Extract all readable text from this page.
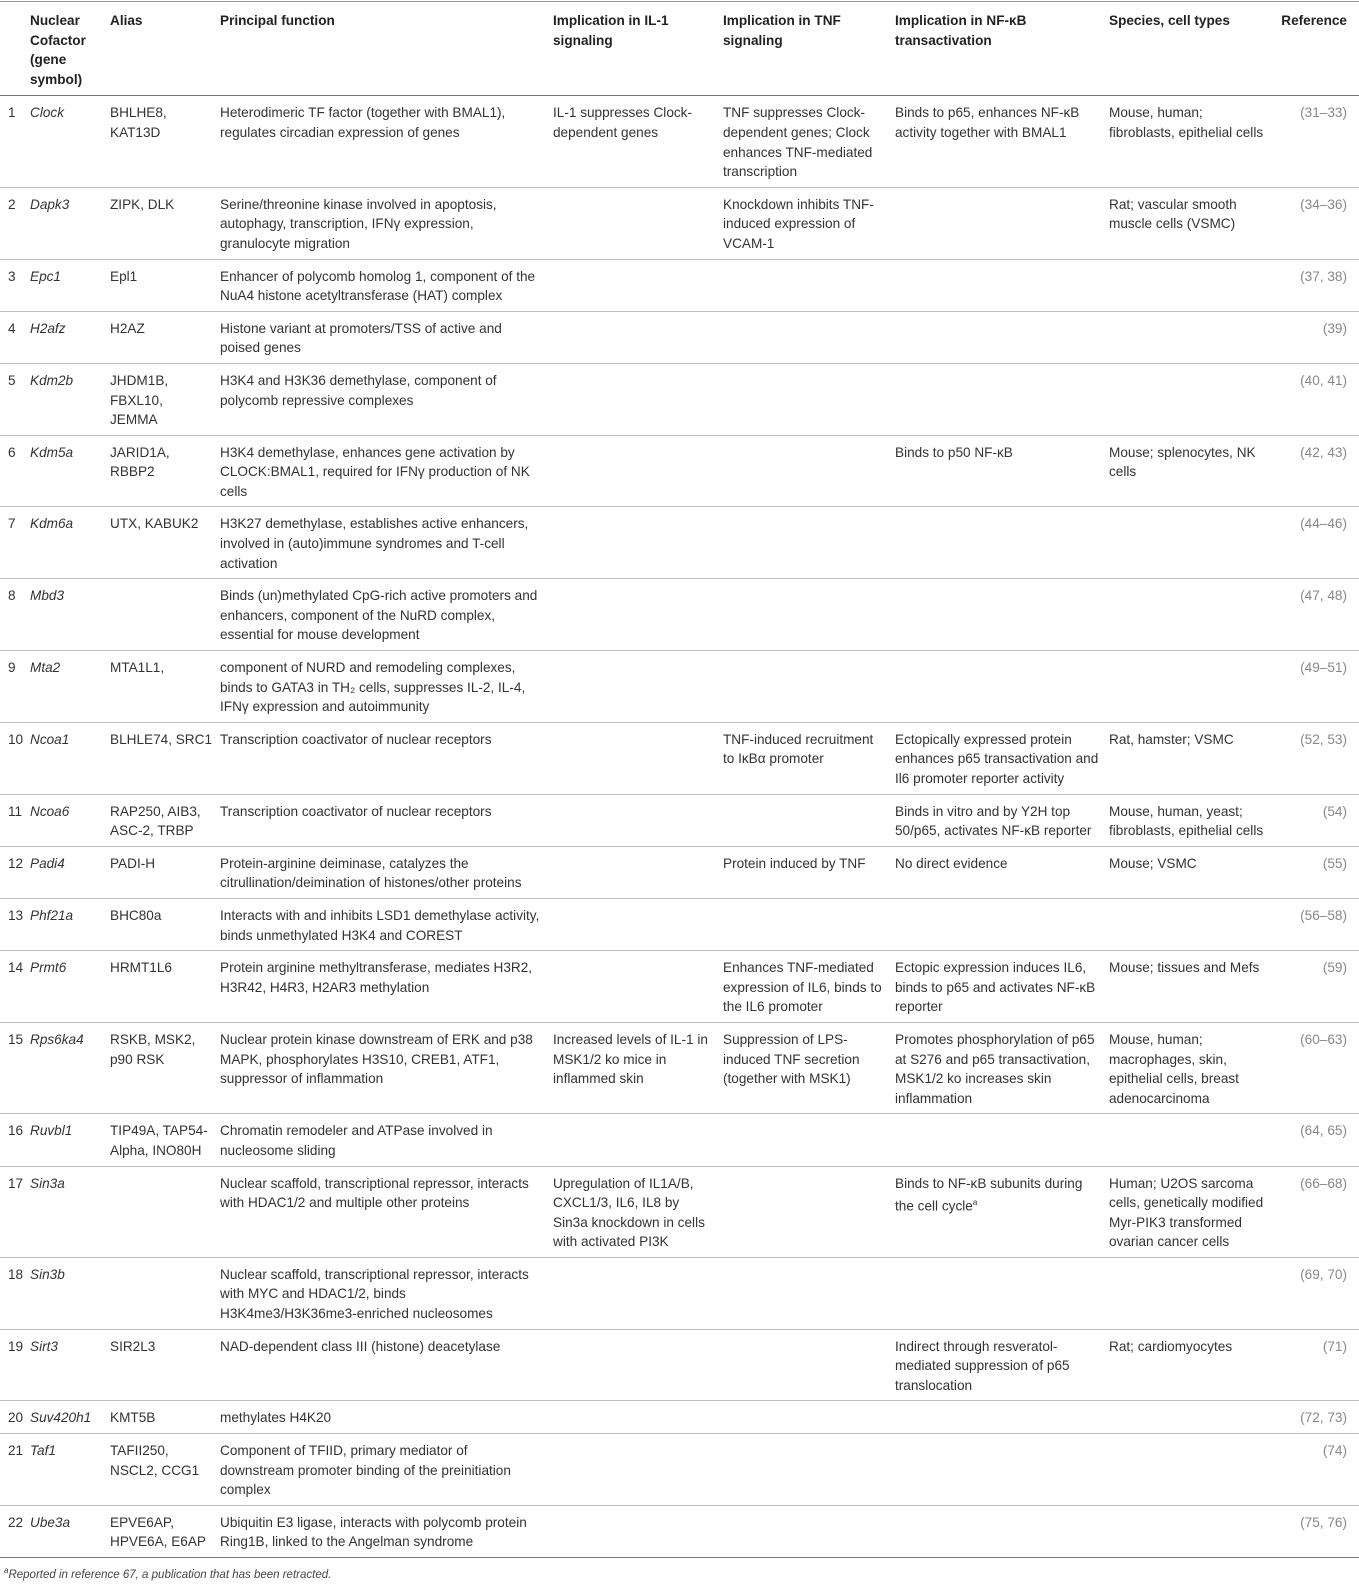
	Nuclear Cofactor (gene symbol)	Alias	Principal function	Implication in IL-1 signaling	Implication in TNF signaling	Implication in NF-κB transactivation	Species, cell types	Reference
1	Clock	BHLHE8, KAT13D	Heterodimeric TF factor (together with BMAL1), regulates circadian expression of genes	IL-1 suppresses Clock-dependent genes	TNF suppresses Clock-dependent genes; Clock enhances TNF-mediated transcription	Binds to p65, enhances NF-κB activity together with BMAL1	Mouse, human; fibroblasts, epithelial cells	(31–33)
2	Dapk3	ZIPK, DLK	Serine/threonine kinase involved in apoptosis, autophagy, transcription, IFNγ expression, granulocyte migration		Knockdown inhibits TNF-induced expression of VCAM-1		Rat; vascular smooth muscle cells (VSMC)	(34–36)
3	Epc1	Epl1	Enhancer of polycomb homolog 1, component of the NuA4 histone acetyltransferase (HAT) complex					(37, 38)
4	H2afz	H2AZ	Histone variant at promoters/TSS of active and poised genes					(39)
5	Kdm2b	JHDM1B, FBXL10, JEMMA	H3K4 and H3K36 demethylase, component of polycomb repressive complexes					(40, 41)
6	Kdm5a	JARID1A, RBBP2	H3K4 demethylase, enhances gene activation by CLOCK:BMAL1, required for IFNγ production of NK cells			Binds to p50 NF-κB	Mouse; splenocytes, NK cells	(42, 43)
7	Kdm6a	UTX, KABUK2	H3K27 demethylase, establishes active enhancers, involved in (auto)immune syndromes and T-cell activation					(44–46)
8	Mbd3		Binds (un)methylated CpG-rich active promoters and enhancers, component of the NuRD complex, essential for mouse development					(47, 48)
9	Mta2	MTA1L1,	component of NURD and remodeling complexes, binds to GATA3 in TH₂ cells, suppresses IL-2, IL-4, IFNγ expression and autoimmunity					(49–51)
10	Ncoa1	BLHLE74, SRC1	Transcription coactivator of nuclear receptors		TNF-induced recruitment to IκBα promoter	Ectopically expressed protein enhances p65 transactivation and Il6 promoter reporter activity	Rat, hamster; VSMC	(52, 53)
11	Ncoa6	RAP250, AIB3, ASC-2, TRBP	Transcription coactivator of nuclear receptors			Binds in vitro and by Y2H top 50/p65, activates NF-κB reporter	Mouse, human, yeast; fibroblasts, epithelial cells	(54)
12	Padi4	PADI-H	Protein-arginine deiminase, catalyzes the citrullination/deimination of histones/other proteins		Protein induced by TNF	No direct evidence	Mouse; VSMC	(55)
13	Phf21a	BHC80a	Interacts with and inhibits LSD1 demethylase activity, binds unmethylated H3K4 and COREST					(56–58)
14	Prmt6	HRMT1L6	Protein arginine methyltransferase, mediates H3R2, H3R42, H4R3, H2AR3 methylation		Enhances TNF-mediated expression of IL6, binds to the IL6 promoter	Ectopic expression induces IL6, binds to p65 and activates NF-κB reporter	Mouse; tissues and Mefs	(59)
15	Rps6ka4	RSKB, MSK2, p90 RSK	Nuclear protein kinase downstream of ERK and p38 MAPK, phosphorylates H3S10, CREB1, ATF1, suppressor of inflammation	Increased levels of IL-1 in MSK1/2 ko mice in inflammed skin	Suppression of LPS-induced TNF secretion (together with MSK1)	Promotes phosphorylation of p65 at S276 and p65 transactivation, MSK1/2 ko increases skin inflammation	Mouse, human; macrophages, skin, epithelial cells, breast adenocarcinoma	(60–63)
16	Ruvbl1	TIP49A, TAP54-Alpha, INO80H	Chromatin remodeler and ATPase involved in nucleosome sliding					(64, 65)
17	Sin3a		Nuclear scaffold, transcriptional repressor, interacts with HDAC1/2 and multiple other proteins	Upregulation of IL1A/B, CXCL1/3, IL6, IL8 by Sin3a knockdown in cells with activated PI3K		Binds to NF-κB subunits during the cell cycle$^a$	Human; U2OS sarcoma cells, genetically modified Myr-PIK3 transformed ovarian cancer cells	(66–68)
18	Sin3b		Nuclear scaffold, transcriptional repressor, interacts with MYC and HDAC1/2, binds H3K4me3/H3K36me3-enriched nucleosomes					(69, 70)
19	Sirt3	SIR2L3	NAD-dependent class III (histone) deacetylase			Indirect through resveratol-mediated suppression of p65 translocation	Rat; cardiomyocytes	(71)
20	Suv420h1	KMT5B	methylates H4K20					(72, 73)
21	Taf1	TAFII250, NSCL2, CCG1	Component of TFIID, primary mediator of downstream promoter binding of the preinitiation complex					(74)
22	Ube3a	EPVE6AP, HPVE6A, E6AP	Ubiquitin E3 ligase, interacts with polycomb protein Ring1B, linked to the Angelman syndrome					(75, 76)
$^a$Reported in reference 67, a publication that has been retracted.
